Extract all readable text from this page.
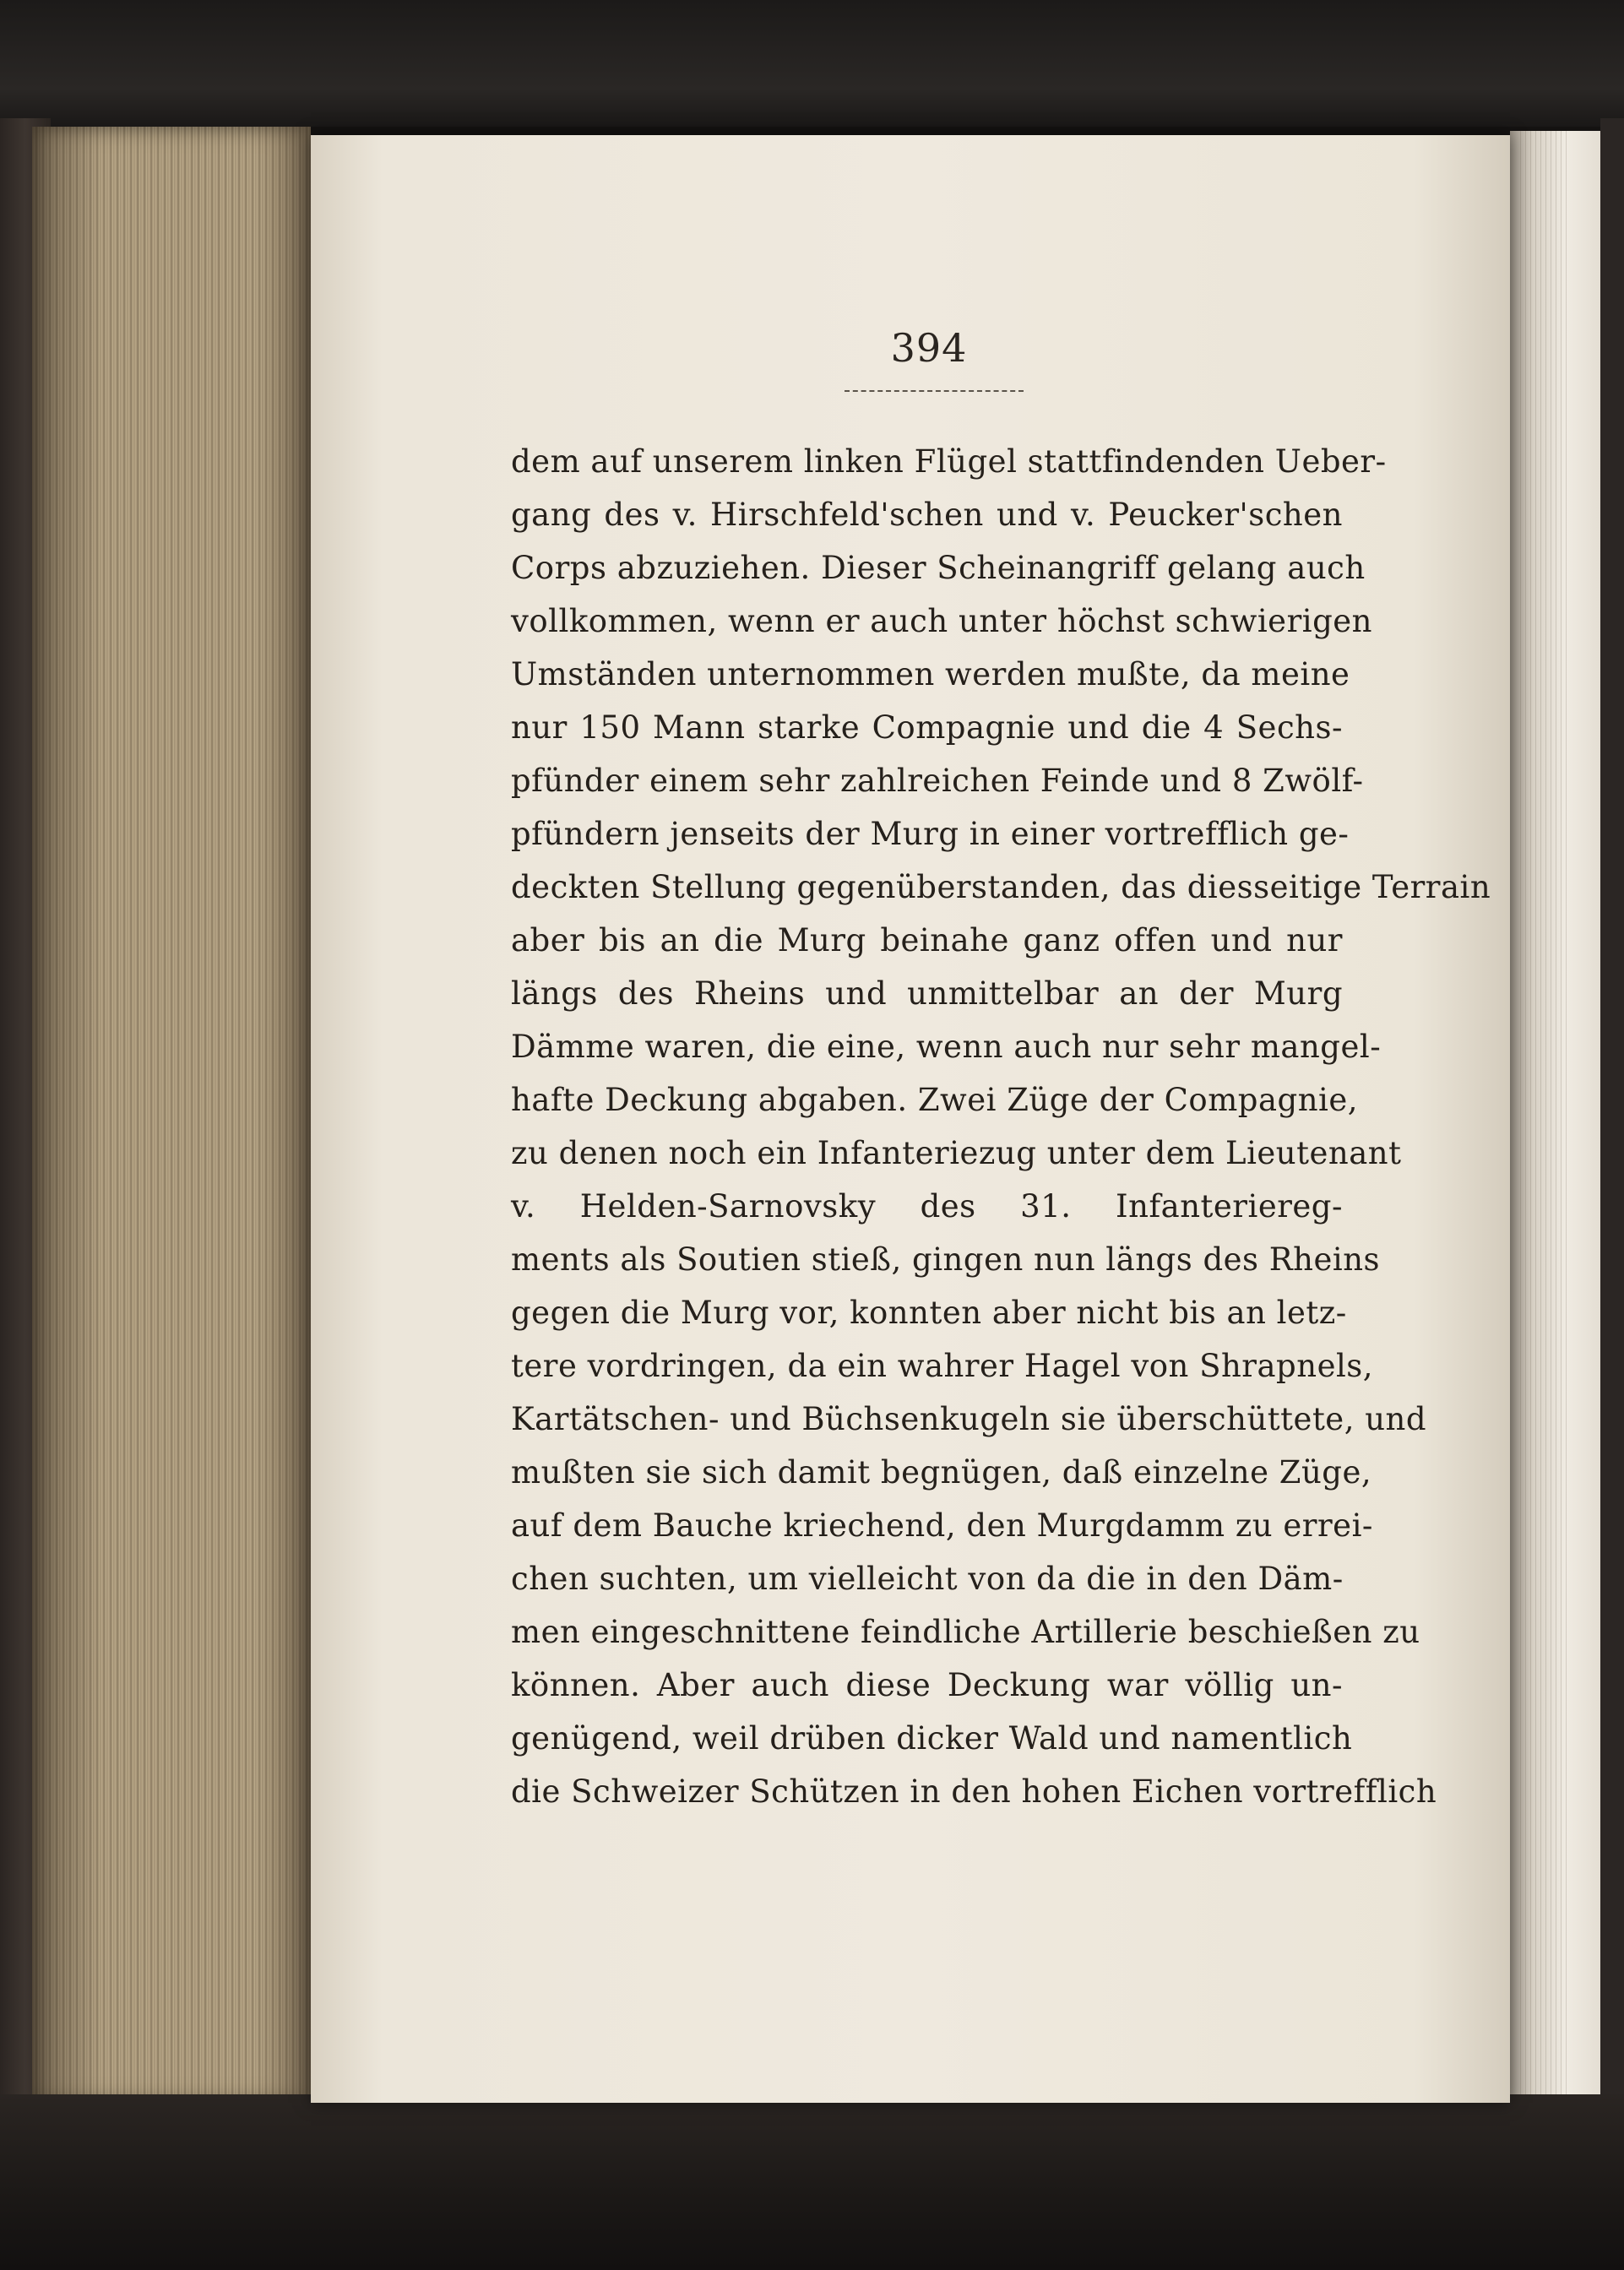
394
dem auf unserem linken Flügel stattfindenden Ueber-
gang des v. Hirschfeld'schen und v. Peucker'schen
Corps abzuziehen. Dieser Scheinangriff gelang auch
vollkommen, wenn er auch unter höchst schwierigen
Umständen unternommen werden mußte, da meine
nur 150 Mann starke Compagnie und die 4 Sechs-
pfünder einem sehr zahlreichen Feinde und 8 Zwölf-
pfündern jenseits der Murg in einer vortrefflich ge-
deckten Stellung gegenüberstanden, das diesseitige Terrain
aber bis an die Murg beinahe ganz offen und nur
längs des Rheins und unmittelbar an der Murg
Dämme waren, die eine, wenn auch nur sehr mangel-
hafte Deckung abgaben. Zwei Züge der Compagnie,
zu denen noch ein Infanteriezug unter dem Lieutenant
v. Helden-Sarnovsky des 31. Infanteriereg-
ments als Soutien stieß, gingen nun längs des Rheins
gegen die Murg vor, konnten aber nicht bis an letz-
tere vordringen, da ein wahrer Hagel von Shrapnels,
Kartätschen- und Büchsenkugeln sie überschüttete, und
mußten sie sich damit begnügen, daß einzelne Züge,
auf dem Bauche kriechend, den Murgdamm zu errei-
chen suchten, um vielleicht von da die in den Däm-
men eingeschnittene feindliche Artillerie beschießen zu
können. Aber auch diese Deckung war völlig un-
genügend, weil drüben dicker Wald und namentlich
die Schweizer Schützen in den hohen Eichen vortrefflich
